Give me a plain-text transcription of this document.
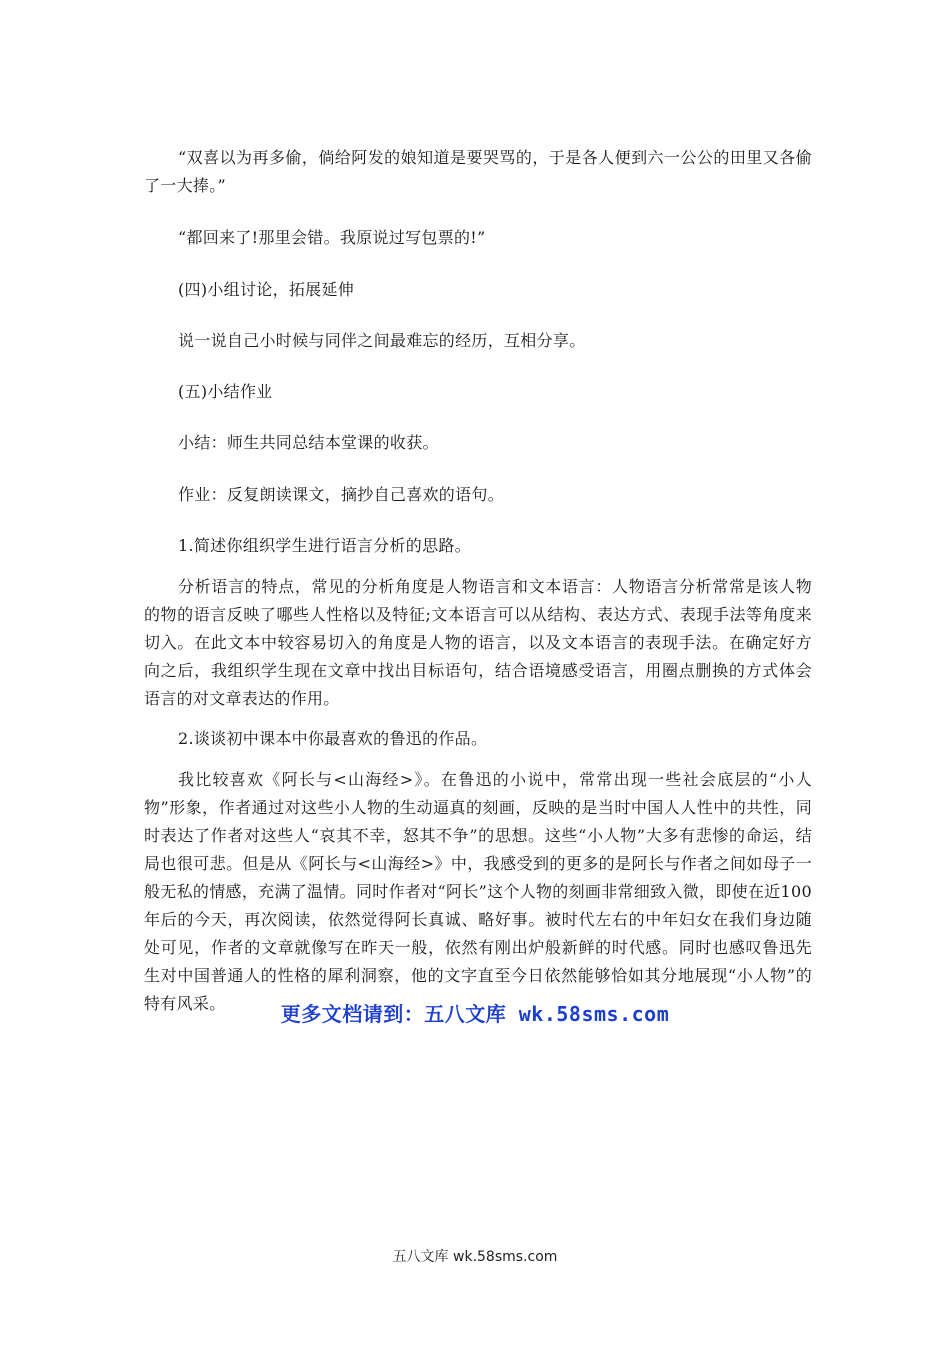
“双喜以为再多偷，倘给阿发的娘知道是要哭骂的，于是各人便到六一公公的田里又各偷了一大捧。”

“都回来了!那里会错。我原说过写包票的!”

(四)小组讨论，拓展延伸

说一说自己小时候与同伴之间最难忘的经历，互相分享。

(五)小结作业

小结：师生共同总结本堂课的收获。

作业：反复朗读课文，摘抄自己喜欢的语句。

1.简述你组织学生进行语言分析的思路。

分析语言的特点，常见的分析角度是人物语言和文本语言：人物语言分析常常是该人物的物的语言反映了哪些人性格以及特征;文本语言可以从结构、表达方式、表现手法等角度来切入。在此文本中较容易切入的角度是人物的语言，以及文本语言的表现手法。在确定好方向之后，我组织学生现在文章中找出目标语句，结合语境感受语言，用圈点删换的方式体会语言的对文章表达的作用。

2.谈谈初中课本中你最喜欢的鲁迅的作品。

我比较喜欢《阿长与<山海经>》。在鲁迅的小说中，常常出现一些社会底层的“小人物”形象，作者通过对这些小人物的生动逼真的刻画，反映的是当时中国人人性中的共性，同时表达了作者对这些人“哀其不幸，怒其不争”的思想。这些“小人物”大多有悲惨的命运，结局也很可悲。但是从《阿长与<山海经>》中，我感受到的更多的是阿长与作者之间如母子一般无私的情感，充满了温情。同时作者对“阿长”这个人物的刻画非常细致入微，即使在近100年后的今天，再次阅读，依然觉得阿长真诚、略好事。被时代左右的中年妇女在我们身边随处可见，作者的文章就像写在昨天一般，依然有刚出炉般新鲜的时代感。同时也感叹鲁迅先生对中国普通人的性格的犀利洞察，他的文字直至今日依然能够恰如其分地展现“小人物”的特有风采。	更多文档请到：五八文库 wk.58sms.com

五八文库 wk.58sms.com
